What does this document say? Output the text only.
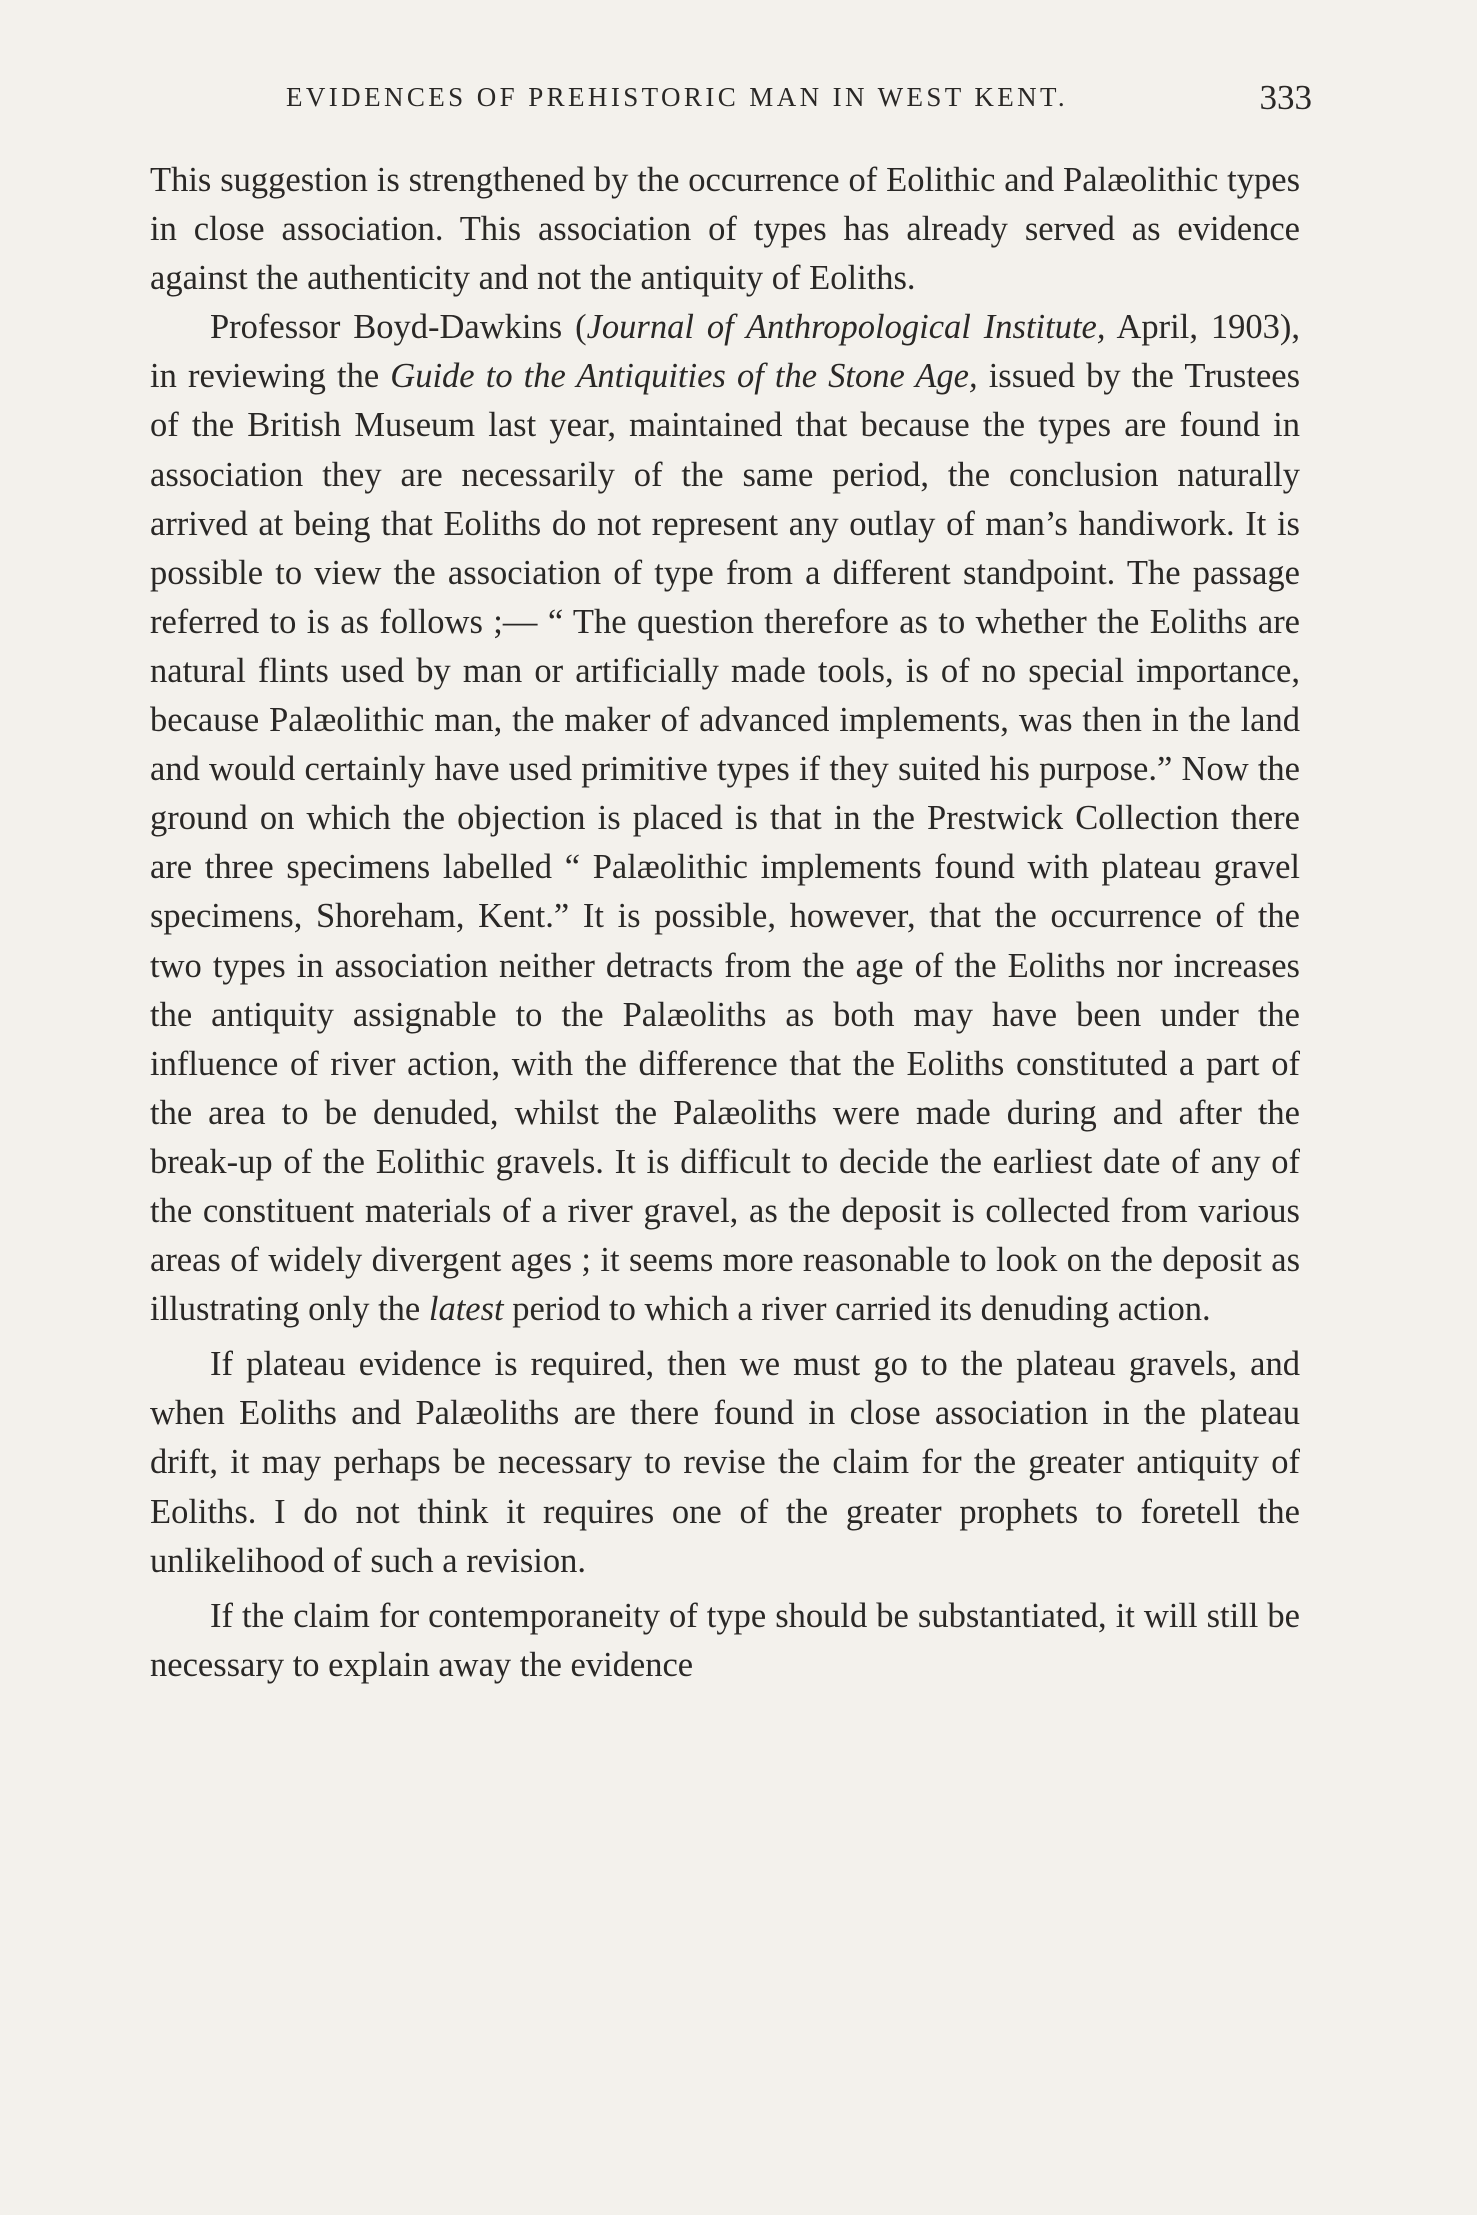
EVIDENCES OF PREHISTORIC MAN IN WEST KENT.	333

This suggestion is strengthened by the occurrence of Eolithic and Palæolithic types in close association. This association of types has already served as evidence against the authenticity and not the antiquity of Eoliths.

Professor Boyd-Dawkins (Journal of Anthropological Institute, April, 1903), in reviewing the Guide to the Antiquities of the Stone Age, issued by the Trustees of the British Museum last year, maintained that because the types are found in association they are necessarily of the same period, the conclusion naturally arrived at being that Eoliths do not represent any outlay of man’s handiwork. It is possible to view the association of type from a different standpoint. The passage referred to is as follows ;— “ The question therefore as to whether the Eoliths are natural flints used by man or artificially made tools, is of no special importance, because Palæolithic man, the maker of advanced implements, was then in the land and would certainly have used primitive types if they suited his purpose.” Now the ground on which the objection is placed is that in the Prestwick Collection there are three specimens labelled “ Palæolithic implements found with plateau gravel specimens, Shoreham, Kent.” It is possible, however, that the occurrence of the two types in association neither detracts from the age of the Eoliths nor increases the antiquity assignable to the Palæoliths as both may have been under the influence of river action, with the difference that the Eoliths constituted a part of the area to be denuded, whilst the Palæoliths were made during and after the break-up of the Eolithic gravels. It is difficult to decide the earliest date of any of the constituent materials of a river gravel, as the deposit is collected from various areas of widely divergent ages ; it seems more reasonable to look on the deposit as illustrating only the latest period to which a river carried its denuding action.

If plateau evidence is required, then we must go to the plateau gravels, and when Eoliths and Palæoliths are there found in close association in the plateau drift, it may perhaps be necessary to revise the claim for the greater antiquity of Eoliths. I do not think it requires one of the greater prophets to foretell the unlikelihood of such a revision.

If the claim for contemporaneity of type should be substantiated, it will still be necessary to explain away the evidence
